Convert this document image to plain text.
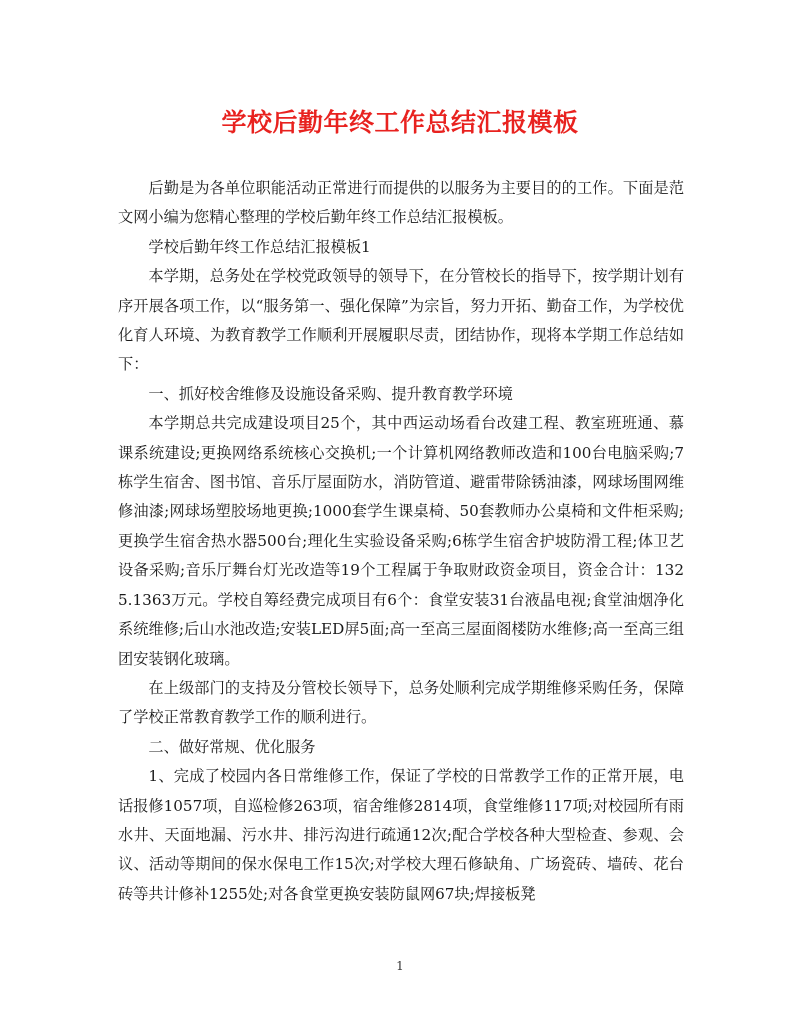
学校后勤年终工作总结汇报模板

后勤是为各单位职能活动正常进行而提供的以服务为主要目的的工作。下面是范文网小编为您精心整理的学校后勤年终工作总结汇报模板。

学校后勤年终工作总结汇报模板1

本学期，总务处在学校党政领导的领导下，在分管校长的指导下，按学期计划有序开展各项工作，以“服务第一、强化保障”为宗旨，努力开拓、勤奋工作，为学校优化育人环境、为教育教学工作顺利开展履职尽责，团结协作，现将本学期工作总结如下：

一、抓好校舍维修及设施设备采购、提升教育教学环境

本学期总共完成建设项目25个，其中西运动场看台改建工程、教室班班通、慕课系统建设;更换网络系统核心交换机;一个计算机网络教师改造和100台电脑采购;7栋学生宿舍、图书馆、音乐厅屋面防水，消防管道、避雷带除锈油漆，网球场围网维修油漆;网球场塑胶场地更换;1000套学生课桌椅、50套教师办公桌椅和文件柜采购;更换学生宿舍热水器500台;理化生实验设备采购;6栋学生宿舍护坡防滑工程;体卫艺设备采购;音乐厅舞台灯光改造等19个工程属于争取财政资金项目，资金合计：1325.1363万元。学校自筹经费完成项目有6个：食堂安装31台液晶电视;食堂油烟净化系统维修;后山水池改造;安装LED屏5面;高一至高三屋面阁楼防水维修;高一至高三组团安装钢化玻璃。

在上级部门的支持及分管校长领导下，总务处顺利完成学期维修采购任务，保障了学校正常教育教学工作的顺利进行。

二、做好常规、优化服务

1、完成了校园内各日常维修工作，保证了学校的日常教学工作的正常开展，电话报修1057项，自巡检修263项，宿舍维修2814项，食堂维修117项;对校园所有雨水井、天面地漏、污水井、排污沟进行疏通12次;配合学校各种大型检查、参观、会议、活动等期间的保水保电工作15次;对学校大理石修缺角、广场瓷砖、墙砖、花台砖等共计修补1255处;对各食堂更换安装防鼠网67块;焊接板凳

1
